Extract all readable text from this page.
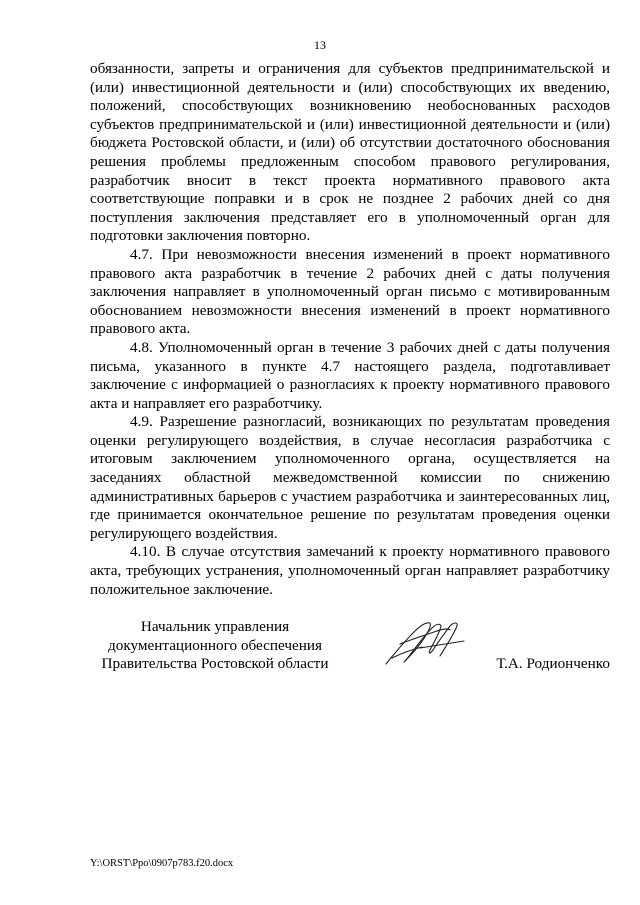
13

обязанности, запреты и ограничения для субъектов предпринимательской и (или) инвестиционной деятельности и (или) способствующих их введению, положений, способствующих возникновению необоснованных расходов субъектов предпринимательской и (или) инвестиционной деятельности и (или) бюджета Ростовской области, и (или) об отсутствии достаточного обоснования решения проблемы предложенным способом правового регулирования, разработчик вносит в текст проекта нормативного правового акта соответствующие поправки и в срок не позднее 2 рабочих дней со дня поступления заключения представляет его в уполномоченный орган для подготовки заключения повторно.

4.7. При невозможности внесения изменений в проект нормативного правового акта разработчик в течение 2 рабочих дней с даты получения заключения направляет в уполномоченный орган письмо с мотивированным обоснованием невозможности внесения изменений в проект нормативного правового акта.

4.8. Уполномоченный орган в течение 3 рабочих дней с даты получения письма, указанного в пункте 4.7 настоящего раздела, подготавливает заключение с информацией о разногласиях к проекту нормативного правового акта и направляет его разработчику.

4.9. Разрешение разногласий, возникающих по результатам проведения оценки регулирующего воздействия, в случае несогласия разработчика с итоговым заключением уполномоченного органа, осуществляется на заседаниях областной межведомственной комиссии по снижению административных барьеров с участием разработчика и заинтересованных лиц, где принимается окончательное решение по результатам проведения оценки регулирующего воздействия.

4.10. В случае отсутствия замечаний к проекту нормативного правового акта, требующих устранения, уполномоченный орган направляет разработчику положительное заключение.

Начальник управления
документационного обеспечения
Правительства Ростовской области	Т.А. Родионченко
Y:\ORST\Ppo\0907p783.f20.docx
